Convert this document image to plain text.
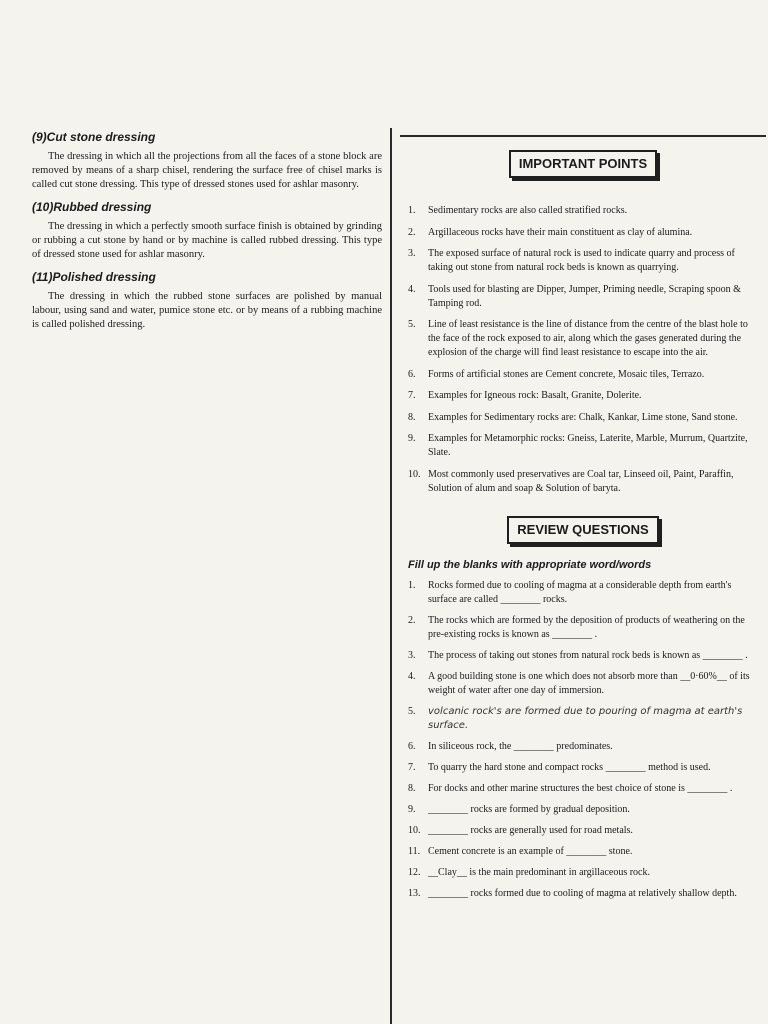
(9)Cut stone dressing

The dressing in which all the projections from all the faces of a stone block are removed by means of a sharp chisel, rendering the surface free of chisel marks is called cut stone dressing. This type of dressed stones used for ashlar masonry.

(10)Rubbed dressing

The dressing in which a perfectly smooth surface finish is obtained by grinding or rubbing a cut stone by hand or by machine is called rubbed dressing. This type of dressed stone used for ashlar masonry.

(11)Polished dressing

The dressing in which the rubbed stone surfaces are polished by manual labour, using sand and water, pumice stone etc. or by means of a rubbing machine is called polished dressing.

IMPORTANT POINTS
1. Sedimentary rocks are also called stratified rocks.
2. Argillaceous rocks have their main constituent as clay of alumina.
3. The exposed surface of natural rock is used to indicate quarry and process of taking out stone from natural rock beds is known as quarrying.
4. Tools used for blasting are Dipper, Jumper, Priming needle, Scraping spoon & Tamping rod.
5. Line of least resistance is the line of distance from the centre of the blast hole to the face of the rock exposed to air, along which the gases generated during the explosion of the charge will find least resistance to escape into the air.
6. Forms of artificial stones are Cement concrete, Mosaic tiles, Terrazo.
7. Examples for Igneous rock: Basalt, Granite, Dolerite.
8. Examples for Sedimentary rocks are: Chalk, Kankar, Lime stone, Sand stone.
9. Examples for Metamorphic rocks: Gneiss, Laterite, Marble, Murrum, Quartzite, Slate.
10. Most commonly used preservatives are Coal tar, Linseed oil, Paint, Paraffin, Solution of alum and soap & Solution of baryta.
REVIEW QUESTIONS
Fill up the blanks with appropriate word/words
1. Rocks formed due to cooling of magma at a considerable depth from earth's surface are called ________ rocks.
2. The rocks which are formed by the deposition of products of weathering on the pre-existing rocks is known as ________ .
3. The process of taking out stones from natural rock beds is known as ________ .
4. A good building stone is one which does not absorb more than __0·60%__ of its weight of water after one day of immersion.
5. volcanic rock's are formed due to pouring of magma at earth's surface.
6. In siliceous rock, the ________ predominates.
7. To quarry the hard stone and compact rocks ________ method is used.
8. For docks and other marine structures the best choice of stone is ________ .
9. ________ rocks are formed by gradual deposition.
10. ________ rocks are generally used for road metals.
11. Cement concrete is an example of ________ stone.
12. __Clay__ is the main predominant in argillaceous rock.
13. ________ rocks formed due to cooling of magma at relatively shallow depth.
